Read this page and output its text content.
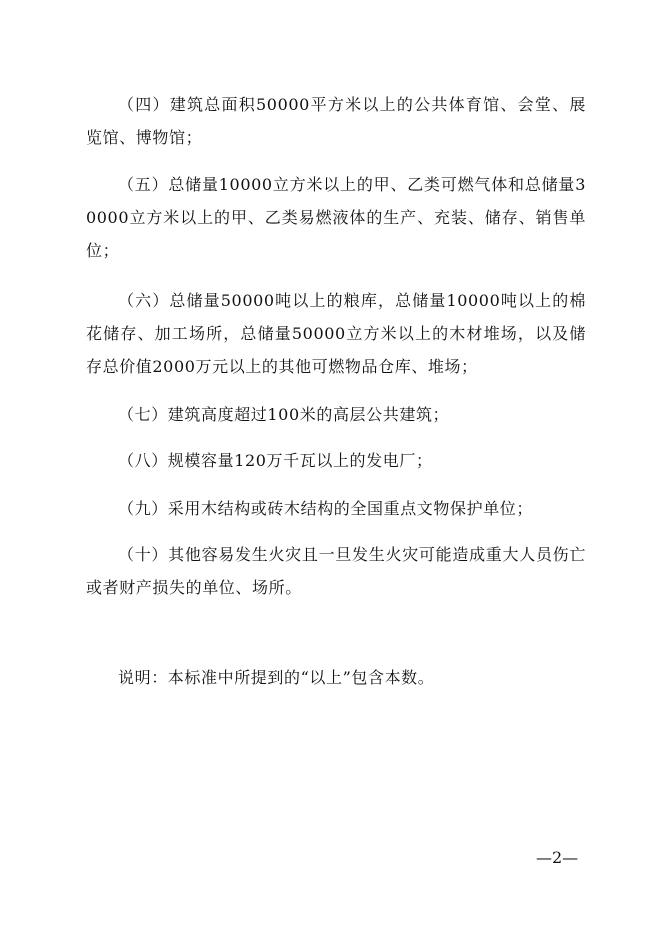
（四）建筑总面积50000平方米以上的公共体育馆、会堂、展览馆、博物馆；

（五）总储量10000立方米以上的甲、乙类可燃气体和总储量30000立方米以上的甲、乙类易燃液体的生产、充装、储存、销售单位；

（六）总储量50000吨以上的粮库，总储量10000吨以上的棉花储存、加工场所，总储量50000立方米以上的木材堆场，以及储存总价值2000万元以上的其他可燃物品仓库、堆场；

（七）建筑高度超过100米的高层公共建筑；

（八）规模容量120万千瓦以上的发电厂；

（九）采用木结构或砖木结构的全国重点文物保护单位；

（十）其他容易发生火灾且一旦发生火灾可能造成重大人员伤亡或者财产损失的单位、场所。

说明：本标准中所提到的“以上”包含本数。

—2—
